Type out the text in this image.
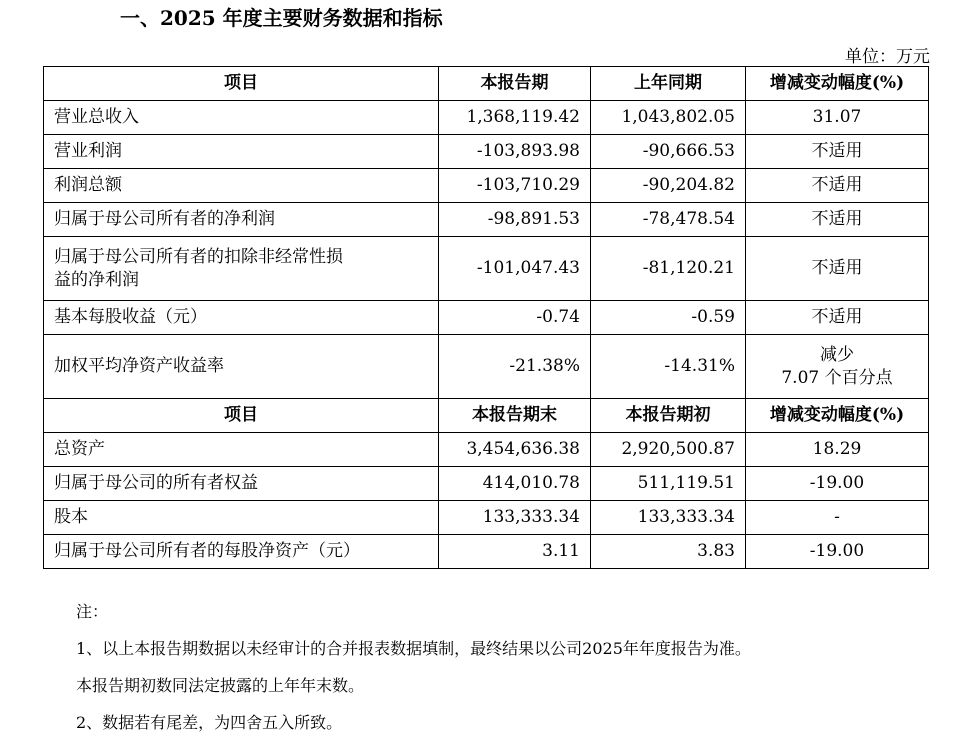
一、2025 年度主要财务数据和指标
单位：万元
项目	本报告期	上年同期	增减变动幅度(%)
营业总收入	1,368,119.42	1,043,802.05	31.07
营业利润	-103,893.98	-90,666.53	不适用
利润总额	-103,710.29	-90,204.82	不适用
归属于母公司所有者的净利润	-98,891.53	-78,478.54	不适用

归属于母公司所有者的扣除非经常性损
益的净利润	-101,047.43	-81,120.21	不适用
基本每股收益（元）	-0.74	-0.59	不适用
加权平均净资产收益率	-21.38%	-14.31%	减少
7.07 个百分点

项目	本报告期末	本报告期初	增减变动幅度(%)
总资产	3,454,636.38	2,920,500.87	18.29
归属于母公司的所有者权益	414,010.78	511,119.51	-19.00
股本	133,333.34	133,333.34	-
归属于母公司所有者的每股净资产（元）	3.11	3.83	-19.00

注：

1、以上本报告期数据以未经审计的合并报表数据填制，最终结果以公司2025年年度报告为准。

本报告期初数同法定披露的上年年末数。

2、数据若有尾差，为四舍五入所致。
